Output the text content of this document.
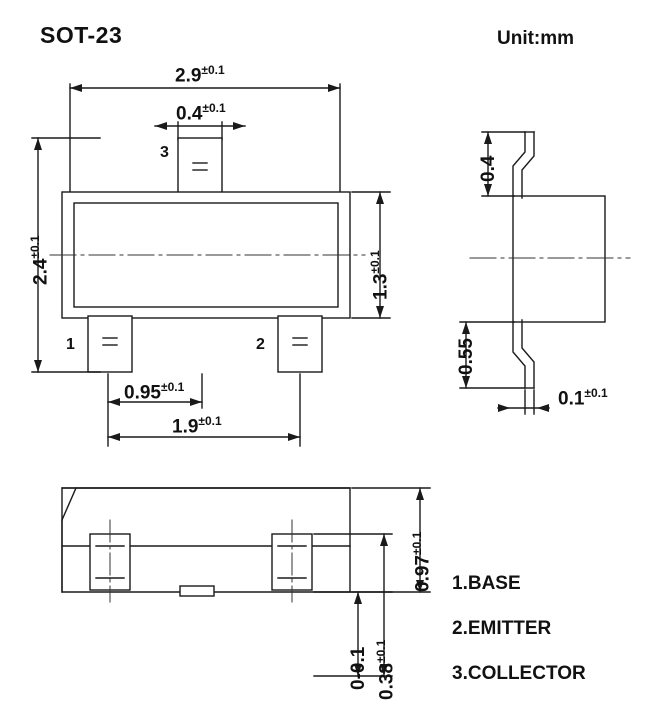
SOT-23	Unit:mm
$2.9^{\pm 0.1}$
$0.4^{\pm 0.1}$
$2.4^{\pm 0.1}$
$1.3^{\pm 0.1}$
$0.95^{\pm 0.1}$
$1.9^{\pm 0.1}$
3
1	2
0.4
0.55
$0.1^{\pm 0.1}$
$0.97^{\pm 0.1}$
0-0.1 $0.38^{\pm 0.1}$
1.BASE
2.EMITTER
3.COLLECTOR
